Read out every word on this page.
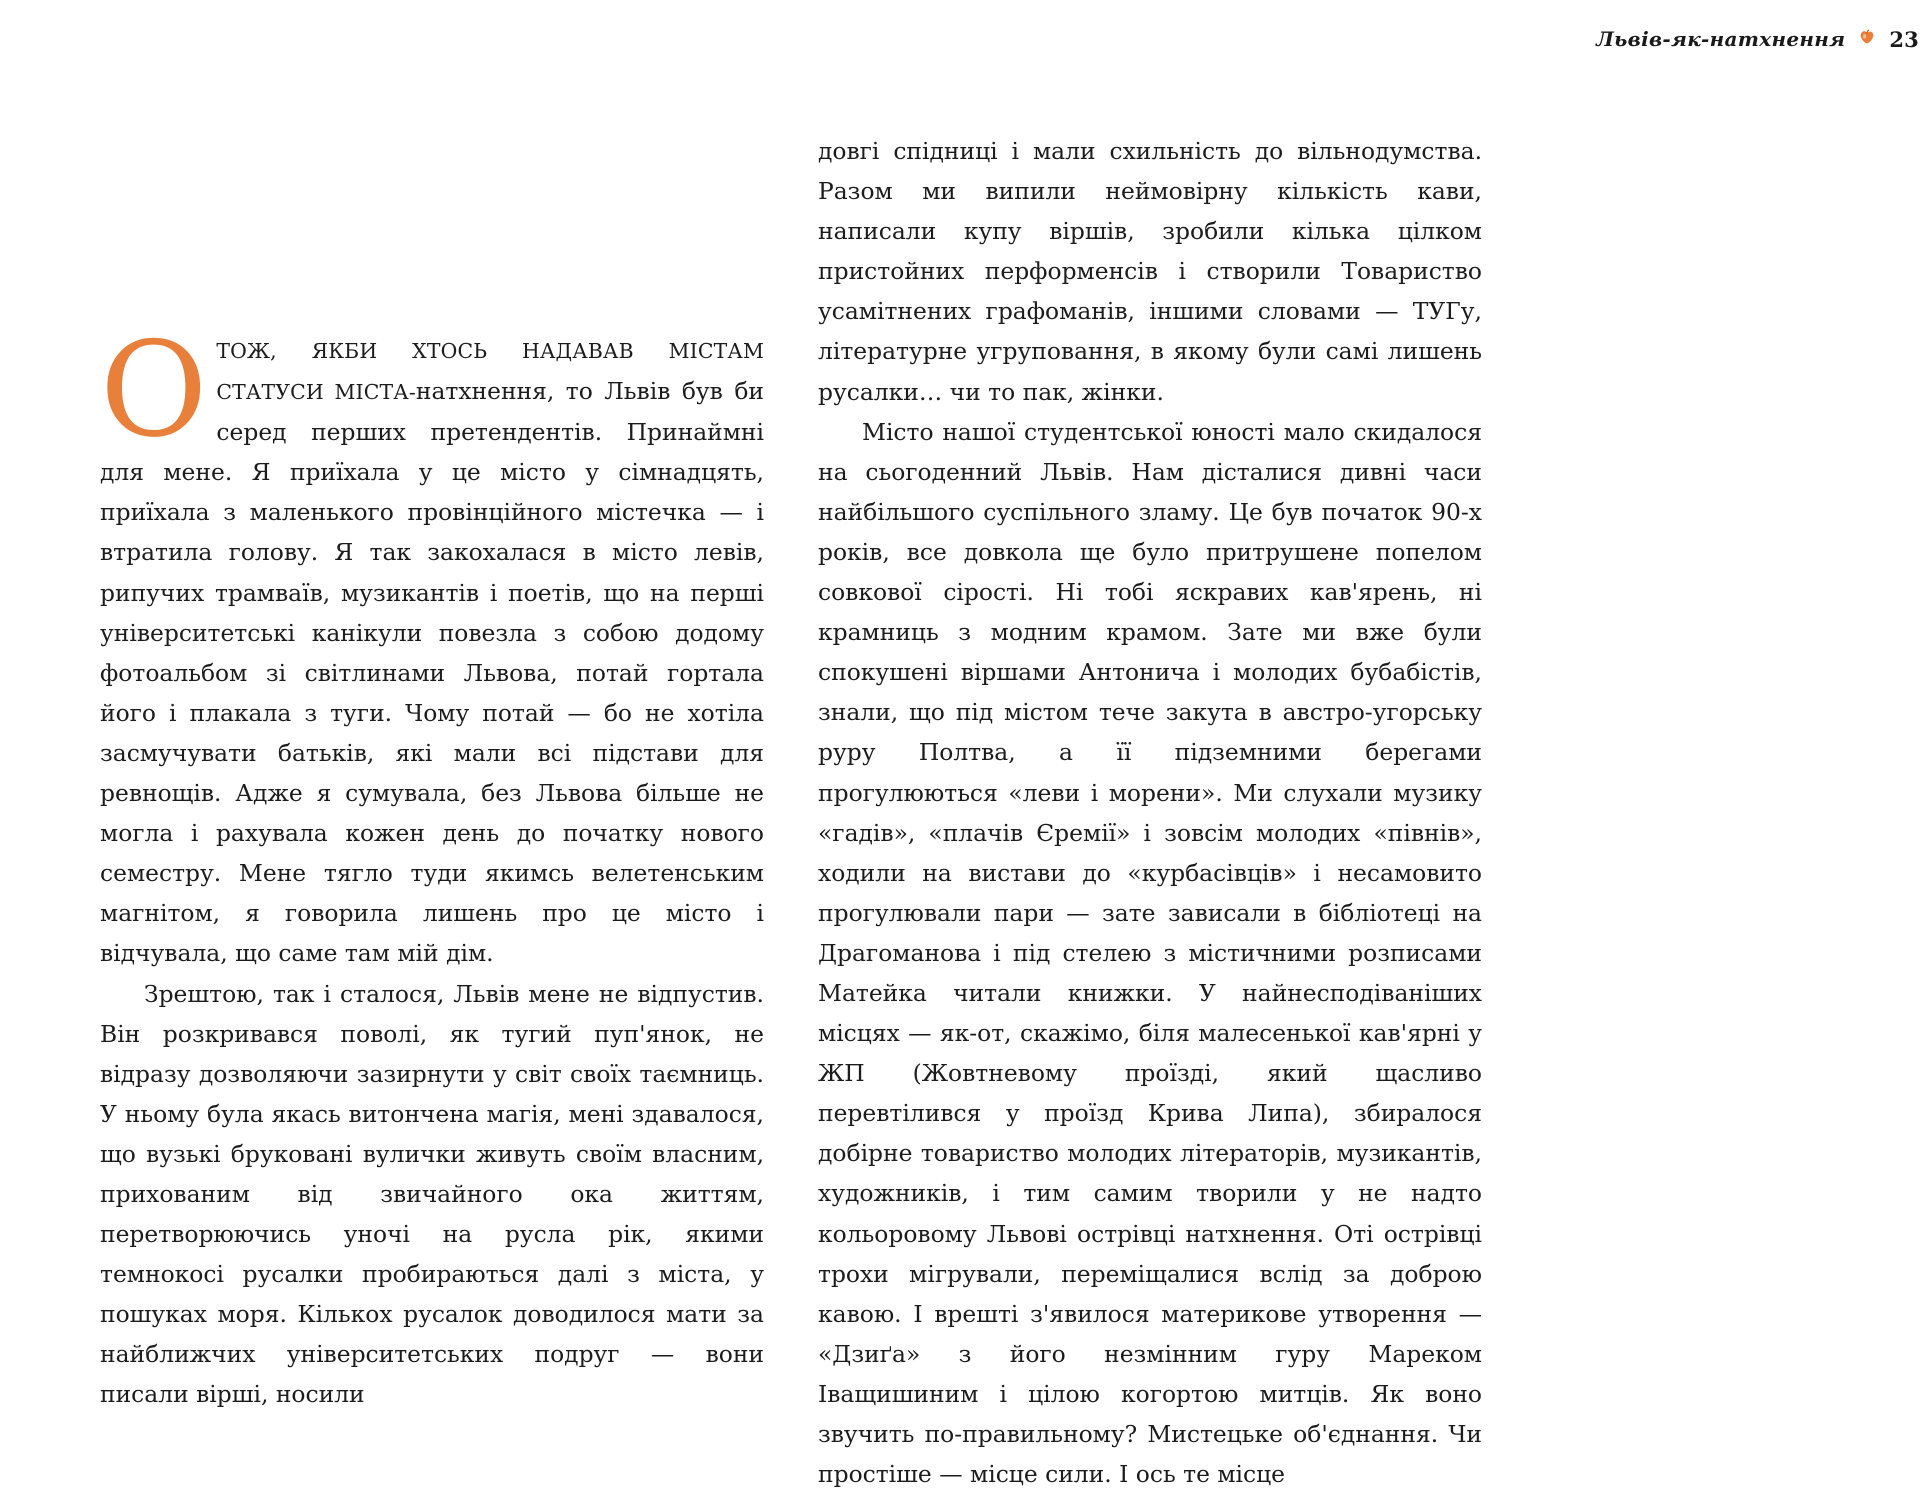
Львів-як-натхнення 23

ОТОЖ, ЯКБИ ХТОСЬ НАДАВАВ МІСТАМ СТАТУСИ МІСТА-натхнення, то Львів був би серед перших претендентів. Принаймні для мене. Я приїхала у це місто у сімнадцять, приїхала з маленького провінційного містечка — і втратила голову. Я так закохалася в місто левів, рипучих трамваїв, музикантів і поетів, що на перші університетські канікули повезла з собою додому фотоальбом зі світлинами Львова, потай гортала його і плакала з туги. Чому потай — бо не хотіла засмучувати батьків, які мали всі підстави для ревнощів. Адже я сумувала, без Львова більше не могла і рахувала кожен день до початку нового семестру. Мене тягло туди якимсь велетенським магнітом, я говорила лишень про це місто і відчувала, що саме там мій дім.

Зрештою, так і сталося, Львів мене не відпустив. Він розкривався поволі, як тугий пуп'янок, не відразу дозволяючи зазирнути у світ своїх таємниць. У ньому була якась витончена магія, мені здавалося, що вузькі бруковані вулички живуть своїм власним, прихованим від звичайного ока життям, перетворюючись уночі на русла рік, якими темнокосі русалки пробираються далі з міста, у пошуках моря. Кількох русалок доводилося мати за найближчих університетських подруг — вони писали вірші, носили

довгі спідниці і мали схильність до вільнодумства. Разом ми випили неймовірну кількість кави, написали купу віршів, зробили кілька цілком пристойних перформенсів і створили Товариство усамітнених графоманів, іншими словами — ТУГу, літературне угруповання, в якому були самі лишень русалки… чи то пак, жінки.

Місто нашої студентської юності мало скидалося на сьогоденний Львів. Нам дісталися дивні часи найбільшого суспільного зламу. Це був початок 90-х років, все довкола ще було притрушене попелом совкової сірості. Ні тобі яскравих кав'ярень, ні крамниць з модним крамом. Зате ми вже були спокушені віршами Антонича і молодих бубабістів, знали, що під містом тече закута в австро-угорську руру Полтва, а її підземними берегами прогулюються «леви і морени». Ми слухали музику «гадів», «плачів Єремії» і зовсім молодих «півнів», ходили на вистави до «курбасівців» і несамовито прогулювали пари — зате зависали в бібліотеці на Драгоманова і під стелею з містичними розписами Матейка читали книжки. У найнесподіваніших місцях — як-от, скажімо, біля малесенької кав'ярні у ЖП (Жовтневому проїзді, який щасливо перевтілився у проїзд Крива Липа), збиралося добірне товариство молодих літераторів, музикантів, художників, і тим самим творили у не надто кольоровому Львові острівці натхнення. Оті острівці трохи мігрували, переміщалися вслід за доброю кавою. І врешті з'явилося материкове утворення — «Дзиґа» з його незмінним гуру Мареком Іващишиним і цілою когортою митців. Як воно звучить по-правильному? Мистецьке об'єднання. Чи простіше — місце сили. І ось те місце
